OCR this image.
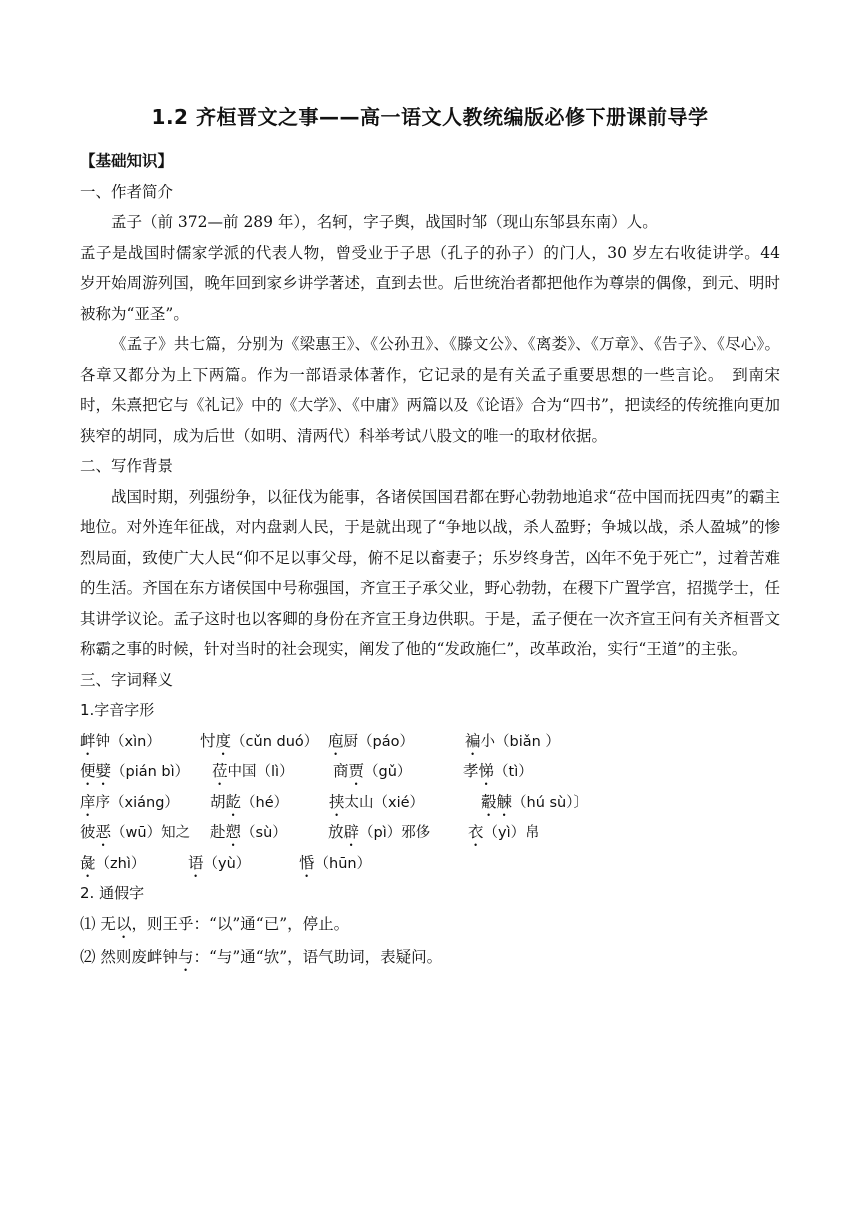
1.2 齐桓晋文之事——高一语文人教统编版必修下册课前导学
【基础知识】
一、作者简介

孟子（前 372—前 289 年），名轲，字子舆，战国时邹（现山东邹县东南）人。

孟子是战国时儒家学派的代表人物，曾受业于子思（孔子的孙子）的门人，30 岁左右收徒讲学。44 岁开始周游列国，晚年回到家乡讲学著述，直到去世。后世统治者都把他作为尊崇的偶像，到元、明时被称为“亚圣”。

《孟子》共七篇，分别为《梁惠王》、《公孙丑》、《滕文公》、《离娄》、《万章》、《告子》、《尽心》。各章又都分为上下两篇。作为一部语录体著作，它记录的是有关孟子重要思想的一些言论。　到南宋时，朱熹把它与《礼记》中的《大学》、《中庸》两篇以及《论语》合为“四书”，把读经的传统推向更加狭窄的胡同，成为后世（如明、清两代）科举考试八股文的唯一的取材依据。

二、写作背景

战国时期，列强纷争，以征伐为能事，各诸侯国国君都在野心勃勃地追求“莅中国而抚四夷”的霸主地位。对外连年征战，对内盘剥人民，于是就出现了“争地以战，杀人盈野；争城以战，杀人盈城”的惨烈局面，致使广大人民“仰不足以事父母，俯不足以畜妻子；乐岁终身苦，凶年不免于死亡”，过着苦难的生活。齐国在东方诸侯国中号称强国，齐宣王子承父业，野心勃勃，在稷下广置学宫，招揽学士，任其讲学议论。孟子这时也以客卿的身份在齐宣王身边供职。于是，孟子便在一次齐宣王问有关齐桓晋文称霸之事的时候，针对当时的社会现实，阐发了他的“发政施仁”，改革政治，实行“王道”的主张。

三、字词释义
1.字音字形
衅钟（xìn）	忖度（cǔn duó） 庖厨（páo）	褊小（biǎn ）
便嬖（pián bì） 莅中国（lì）	商贾（gǔ）	孝悌（tì）
庠序（xiáng） 胡龁（hé）	挟太山（xié）	觳觫（hú sù）〕
彼恶（wū）知之 赴愬（sù）	放辟（pì）邪侈 衣（yì）帛
彘（zhì）	语（yù）	惛（hūn）
2. 通假字
⑴ 无以，则王乎：“以”通“已”，停止。
⑵ 然则废衅钟与：“与”通“欤”，语气助词，表疑问。
